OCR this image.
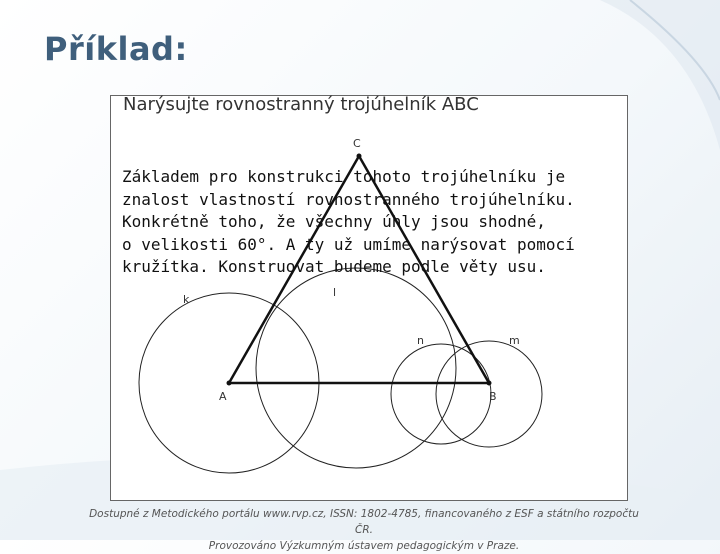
Příklad:
Narýsujte rovnostranný trojúhelník ABC
C
A	B
k
l
n	m
Základem pro konstrukci tohoto trojúhelníku je
znalost vlastností rovnostranného trojúhelníku.
Konkrétně toho, že všechny úhly jsou shodné,
o velikosti 60°. A ty už umíme narýsovat pomocí
kružítka. Konstruovat budeme podle věty usu.
Dostupné z Metodického portálu www.rvp.cz, ISSN: 1802-4785, financovaného z ESF a státního rozpočtu ČR.
Provozováno Výzkumným ústavem pedagogickým v Praze.
